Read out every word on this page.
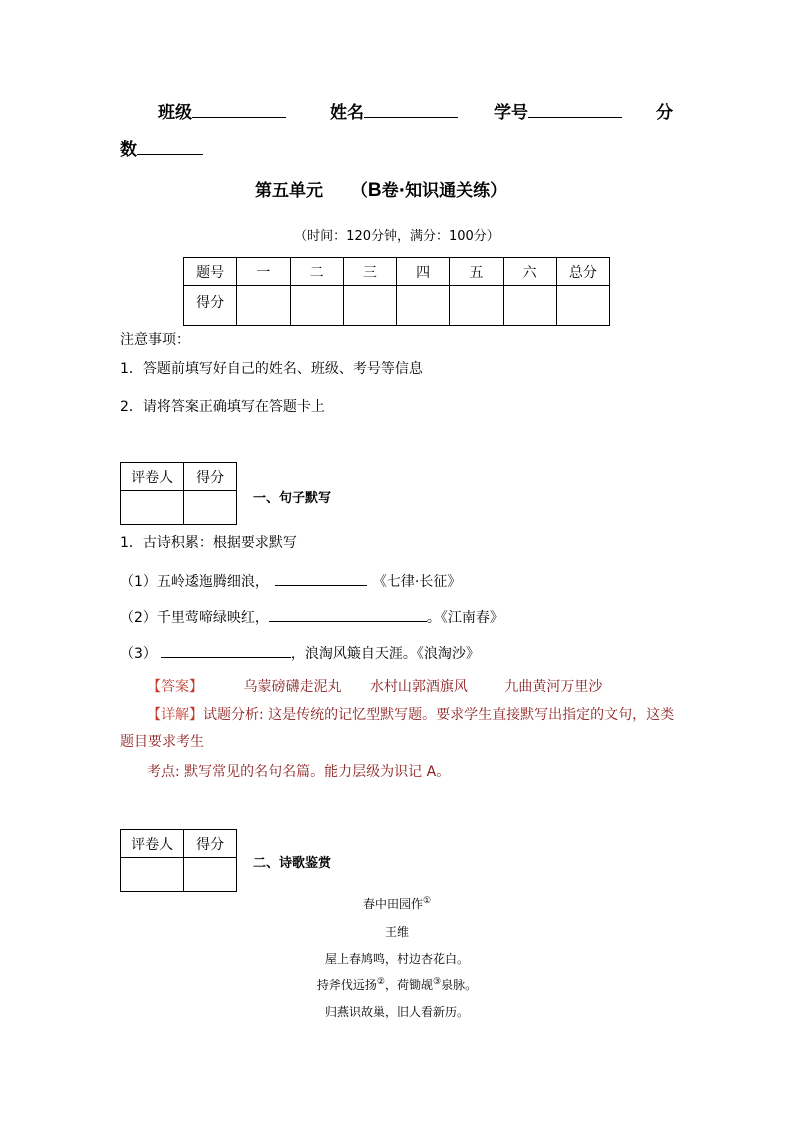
班级	姓名	学号	分
数
第五单元 （B卷·知识通关练）
（时间：120分钟，满分：100分）
题号	一	二	三	四	五	六	总分
得分							
注意事项：
1．答题前填写好自己的姓名、班级、考号等信息
2．请将答案正确填写在答题卡上
评卷人	得分

一、句子默写
1．古诗积累：根据要求默写
（1）五岭逶迤腾细浪，	《七律·长征》
（2）千里莺啼绿映红，	。《江南春》
（3）	，浪淘风簸自天涯。《浪淘沙》
【答案】	乌蒙磅礴走泥丸 水村山郭酒旗风	九曲黄河万里沙
【详解】试题分析: 这是传统的记忆型默写题。要求学生直接默写出指定的文句，这类
题目要求考生
考点: 默写常见的名句名篇。能力层级为识记 A。
评卷人	得分

二、诗歌鉴赏
春中田园作①
王维
屋上春鸠鸣，村边杏花白。
持斧伐远扬②，荷锄觇③泉脉。
归燕识故巢，旧人看新历。
